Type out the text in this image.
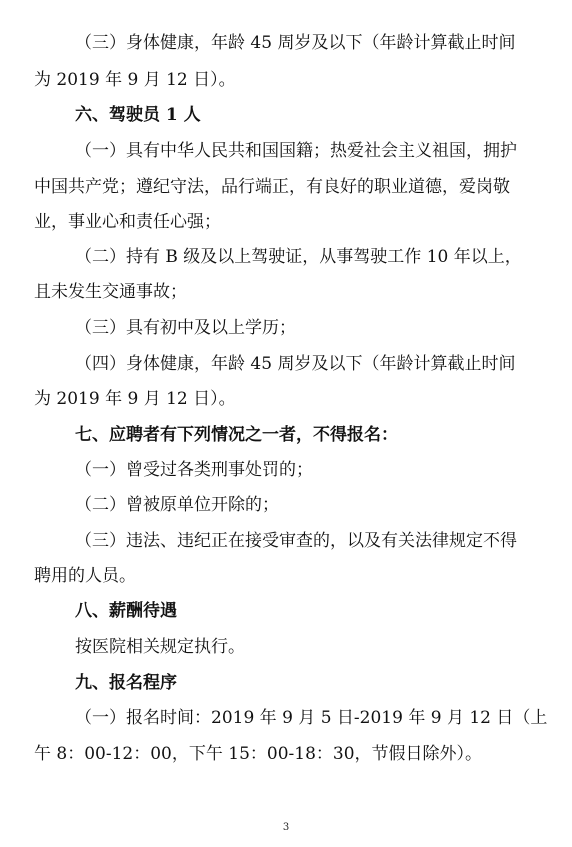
（三）身体健康，年龄 45 周岁及以下（年龄计算截止时间
为 2019 年 9 月 12 日）。
六、驾驶员 1 人
（一）具有中华人民共和国国籍；热爱社会主义祖国，拥护
中国共产党；遵纪守法，品行端正，有良好的职业道德，爱岗敬
业，事业心和责任心强；
（二）持有 B 级及以上驾驶证，从事驾驶工作 10 年以上，
且未发生交通事故；
（三）具有初中及以上学历；
（四）身体健康，年龄 45 周岁及以下（年龄计算截止时间
为 2019 年 9 月 12 日）。
七、应聘者有下列情况之一者，不得报名：
（一）曾受过各类刑事处罚的；
（二）曾被原单位开除的；
（三）违法、违纪正在接受审查的，以及有关法律规定不得
聘用的人员。
八、薪酬待遇
按医院相关规定执行。
九、报名程序
（一）报名时间：2019 年 9 月 5 日-2019 年 9 月 12 日（上
午 8：00-12：00，下午 15：00-18：30，节假日除外）。
3
